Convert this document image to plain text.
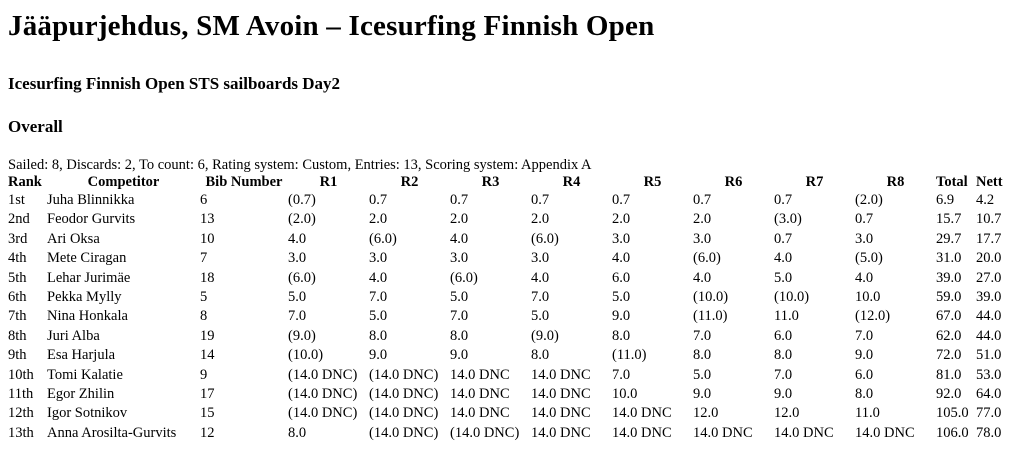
Jääpurjehdus, SM Avoin – Icesurfing Finnish Open
Icesurfing Finnish Open STS sailboards Day2
Overall
Sailed: 8, Discards: 2, To count: 6, Rating system: Custom, Entries: 13, Scoring system: Appendix A
Rank	Competitor	Bib Number	R1	R2	R3	R4	R5	R6	R7	R8	Total	Nett
1st	Juha Blinnikka	6	(0.7)	0.7	0.7	0.7	0.7	0.7	0.7	(2.0)	6.9	4.2
2nd	Feodor Gurvits	13	(2.0)	2.0	2.0	2.0	2.0	2.0	(3.0)	0.7	15.7	10.7
3rd	Ari Oksa	10	4.0	(6.0)	4.0	(6.0)	3.0	3.0	0.7	3.0	29.7	17.7
4th	Mete Ciragan	7	3.0	3.0	3.0	3.0	4.0	(6.0)	4.0	(5.0)	31.0	20.0
5th	Lehar Jurimäe	18	(6.0)	4.0	(6.0)	4.0	6.0	4.0	5.0	4.0	39.0	27.0
6th	Pekka Mylly	5	5.0	7.0	5.0	7.0	5.0	(10.0)	(10.0)	10.0	59.0	39.0
7th	Nina Honkala	8	7.0	5.0	7.0	5.0	9.0	(11.0)	11.0	(12.0)	67.0	44.0
8th	Juri Alba	19	(9.0)	8.0	8.0	(9.0)	8.0	7.0	6.0	7.0	62.0	44.0
9th	Esa Harjula	14	(10.0)	9.0	9.0	8.0	(11.0)	8.0	8.0	9.0	72.0	51.0
10th	Tomi Kalatie	9	(14.0 DNC)	(14.0 DNC)	14.0 DNC	14.0 DNC	7.0	5.0	7.0	6.0	81.0	53.0
11th	Egor Zhilin	17	(14.0 DNC)	(14.0 DNC)	14.0 DNC	14.0 DNC	10.0	9.0	9.0	8.0	92.0	64.0
12th	Igor Sotnikov	15	(14.0 DNC)	(14.0 DNC)	14.0 DNC	14.0 DNC	14.0 DNC	12.0	12.0	11.0	105.0	77.0
13th	Anna Arosilta-Gurvits	12	8.0	(14.0 DNC)	(14.0 DNC)	14.0 DNC	14.0 DNC	14.0 DNC	14.0 DNC	14.0 DNC	106.0	78.0
